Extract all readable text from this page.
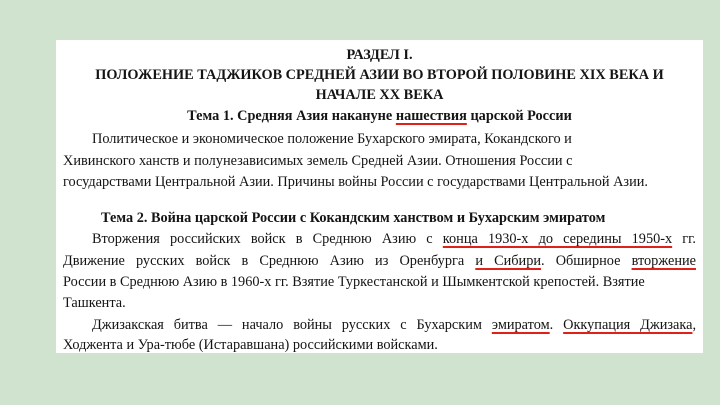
РАЗДЕЛ I.
ПОЛОЖЕНИЕ ТАДЖИКОВ СРЕДНЕЙ АЗИИ ВО ВТОРОЙ ПОЛОВИНЕ XIX ВЕКА И
НАЧАЛЕ XX ВЕКА
Тема 1. Средняя Азия накануне нашествия царской России
Политическое и экономическое положение Бухарского эмирата, Кокандского и
Хивинского ханств и полунезависимых земель Средней Азии. Отношения России с
государствами Центральной Азии. Причины войны России с государствами Центральной Азии.
Тема 2. Война царской России с Кокандским ханством и Бухарским эмиратом
Вторжения российских войск в Среднюю Азию с конца 1930-х до середины 1950-х гг.
Движение русских войск в Среднюю Азию из Оренбурга и Сибири. Обширное вторжение
России в Среднюю Азию в 1960-х гг. Взятие Туркестанской и Шымкентской крепостей. Взятие
Ташкента.
Джизакская битва — начало войны русских с Бухарским эмиратом. Оккупация Джизака,
Ходжента и Ура-тюбе (Истаравшана) российскими войсками.
